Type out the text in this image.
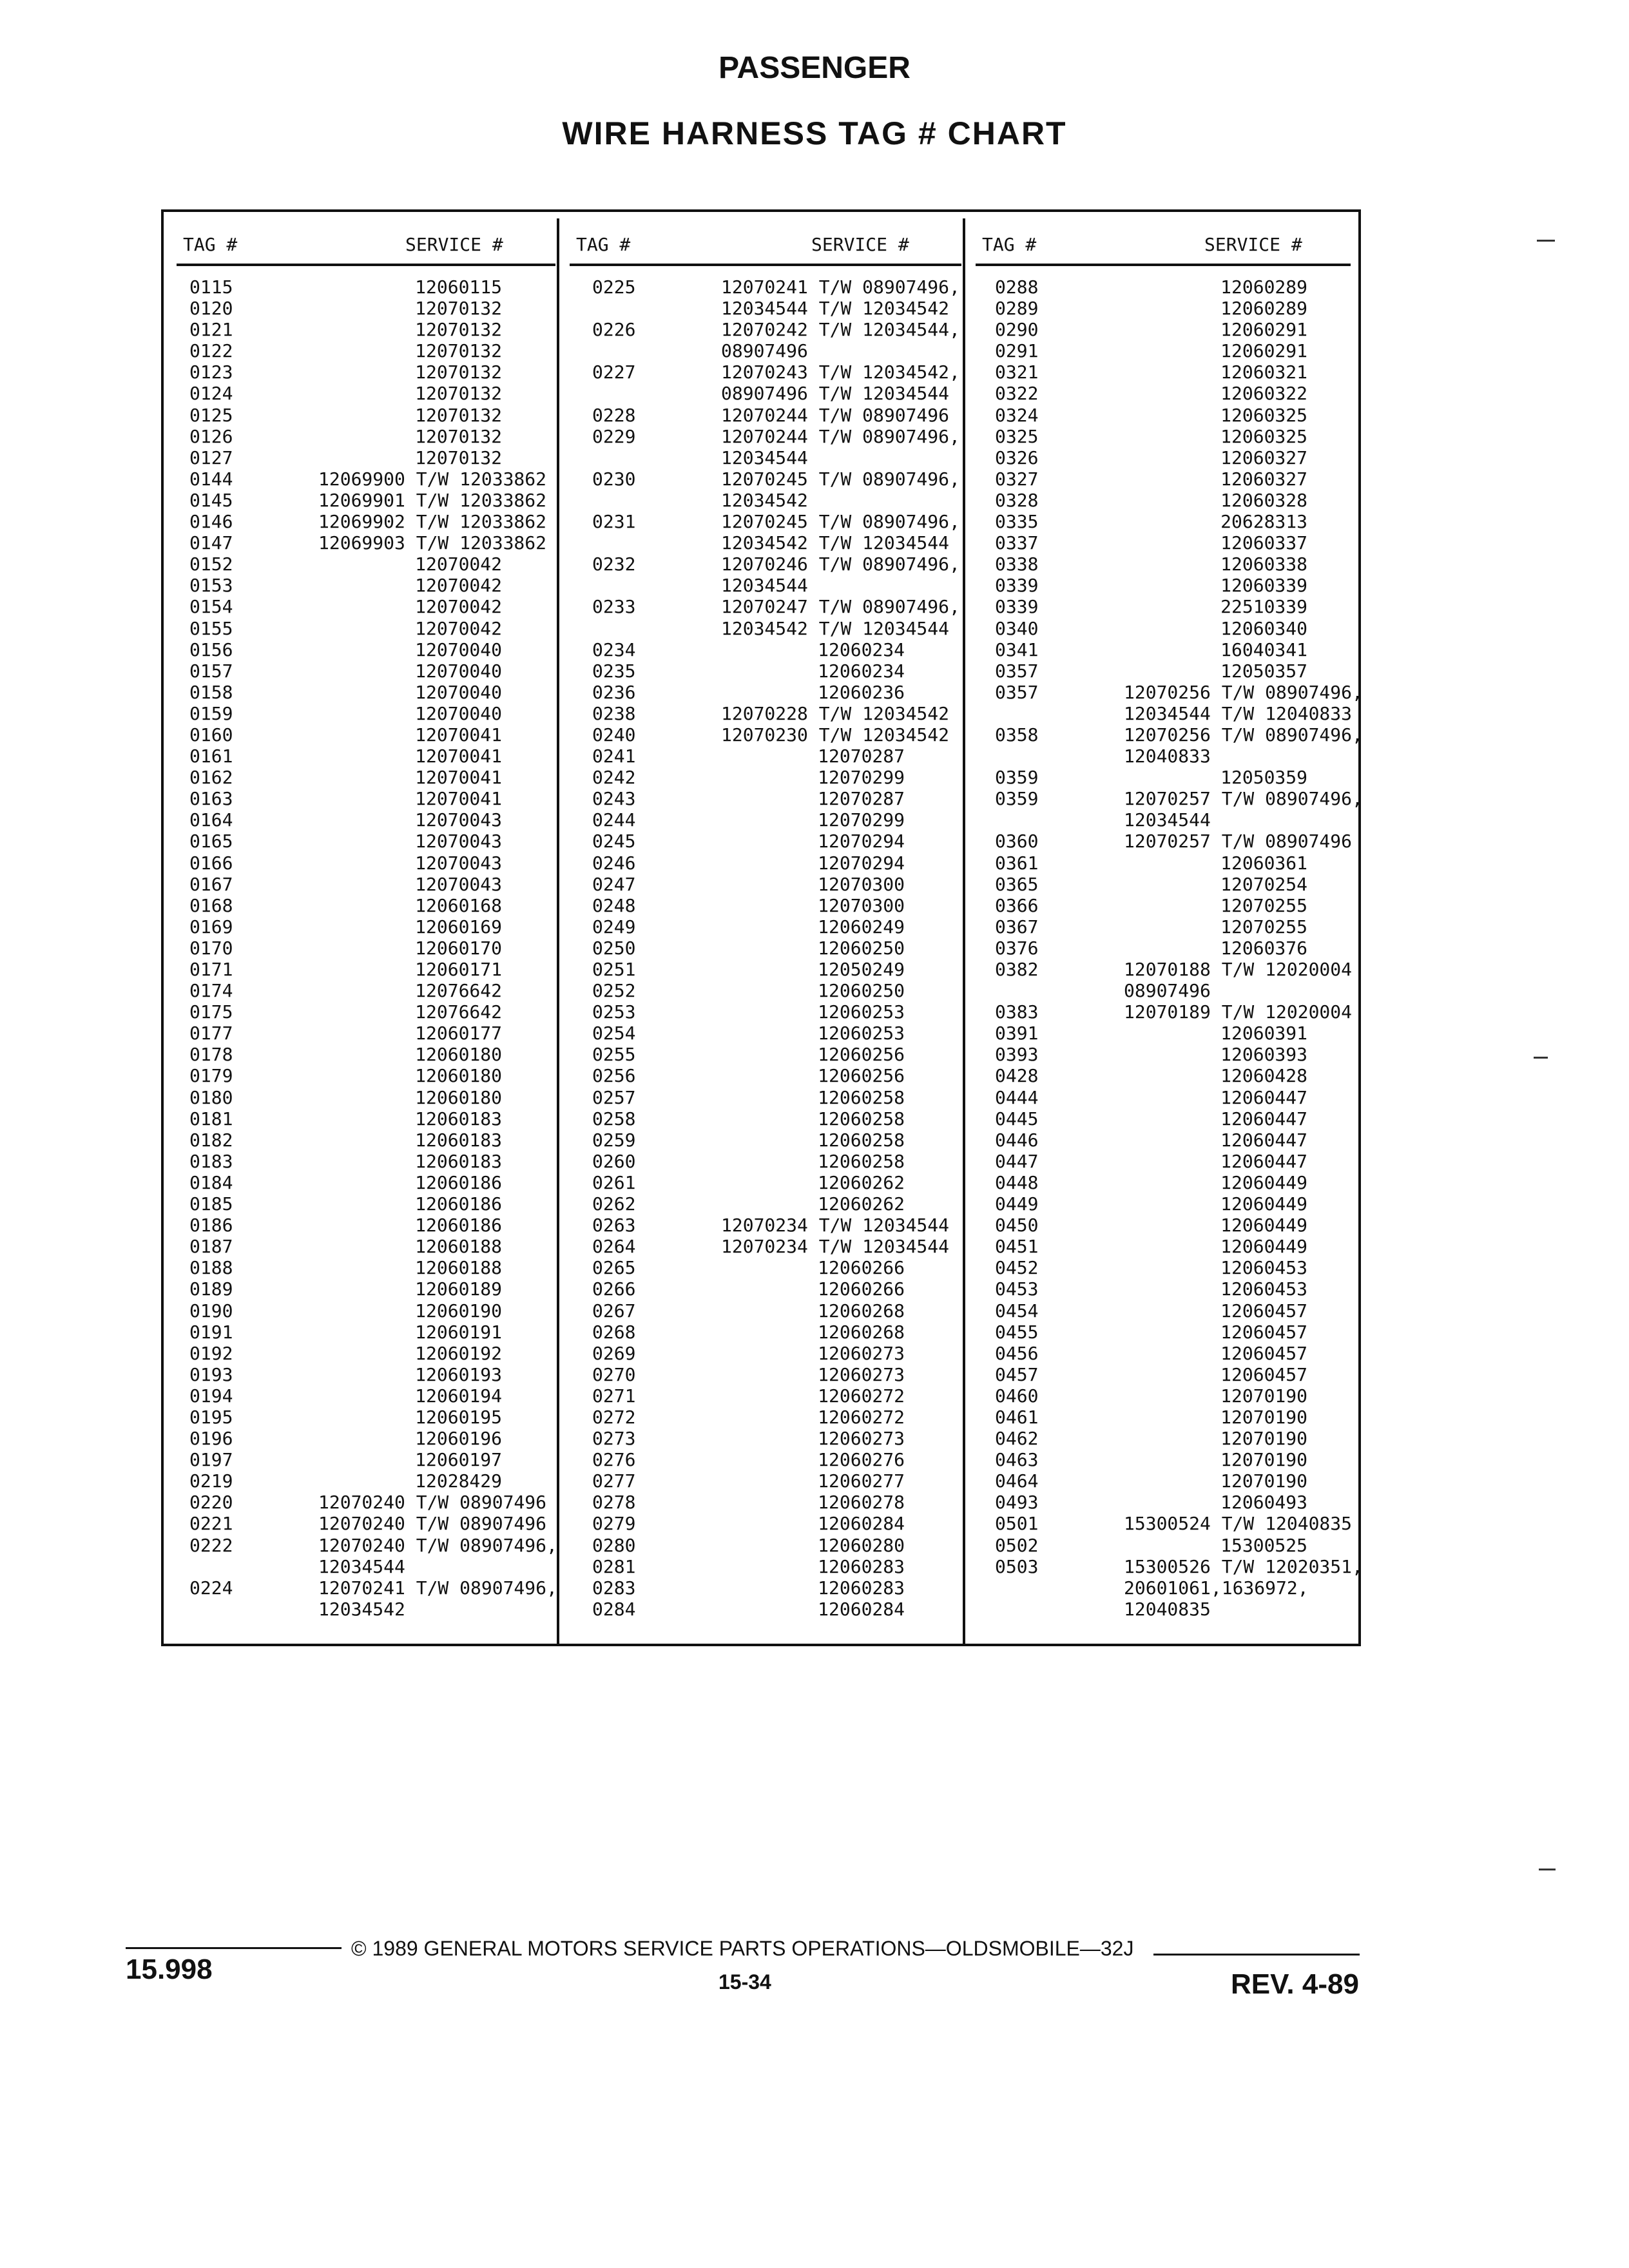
PASSENGER
WIRE HARNESS TAG # CHART
TAG #	SERVICE #	TAG #	SERVICE #	TAG #	SERVICE #
0115	12060115
0120	12070132
0121	12070132
0122	12070132
0123	12070132
0124	12070132
0125	12070132
0126	12070132
0127	12070132
0144	12069900 T/W 12033862
0145	12069901 T/W 12033862
0146	12069902 T/W 12033862
0147	12069903 T/W 12033862
0152	12070042
0153	12070042
0154	12070042
0155	12070042
0156	12070040
0157	12070040
0158	12070040
0159	12070040
0160	12070041
0161	12070041
0162	12070041
0163	12070041
0164	12070043
0165	12070043
0166	12070043
0167	12070043
0168	12060168
0169	12060169
0170	12060170
0171	12060171
0174	12076642
0175	12076642
0177	12060177
0178	12060180
0179	12060180
0180	12060180
0181	12060183
0182	12060183
0183	12060183
0184	12060186
0185	12060186
0186	12060186
0187	12060188
0188	12060188
0189	12060189
0190	12060190
0191	12060191
0192	12060192
0193	12060193
0194	12060194
0195	12060195
0196	12060196
0197	12060197
0219	12028429
0220	12070240 T/W 08907496
0221	12070240 T/W 08907496
0222	12070240 T/W 08907496,
12034544
0224	12070241 T/W 08907496,
12034542
0225	12070241 T/W 08907496,
12034544 T/W 12034542
0226	12070242 T/W 12034544,
08907496
0227	12070243 T/W 12034542,
08907496 T/W 12034544
0228	12070244 T/W 08907496
0229	12070244 T/W 08907496,
12034544
0230	12070245 T/W 08907496,
12034542
0231	12070245 T/W 08907496,
12034542 T/W 12034544
0232	12070246 T/W 08907496,
12034544
0233	12070247 T/W 08907496,
12034542 T/W 12034544
0234	12060234
0235	12060234
0236	12060236
0238	12070228 T/W 12034542
0240	12070230 T/W 12034542
0241	12070287
0242	12070299
0243	12070287
0244	12070299
0245	12070294
0246	12070294
0247	12070300
0248	12070300
0249	12060249
0250	12060250
0251	12050249
0252	12060250
0253	12060253
0254	12060253
0255	12060256
0256	12060256
0257	12060258
0258	12060258
0259	12060258
0260	12060258
0261	12060262
0262	12060262
0263	12070234 T/W 12034544
0264	12070234 T/W 12034544
0265	12060266
0266	12060266
0267	12060268
0268	12060268
0269	12060273
0270	12060273
0271	12060272
0272	12060272
0273	12060273
0276	12060276
0277	12060277
0278	12060278
0279	12060284
0280	12060280
0281	12060283
0283	12060283
0284	12060284
0288	12060289
0289	12060289
0290	12060291
0291	12060291
0321	12060321
0322	12060322
0324	12060325
0325	12060325
0326	12060327
0327	12060327
0328	12060328
0335	20628313
0337	12060337
0338	12060338
0339	12060339
0339	22510339
0340	12060340
0341	16040341
0357	12050357
0357	12070256 T/W 08907496,
12034544 T/W 12040833
0358	12070256 T/W 08907496,
12040833
0359	12050359
0359	12070257 T/W 08907496,
12034544
0360	12070257 T/W 08907496
0361	12060361
0365	12070254
0366	12070255
0367	12070255
0376	12060376
0382	12070188 T/W 12020004
08907496
0383	12070189 T/W 12020004
0391	12060391
0393	12060393
0428	12060428
0444	12060447
0445	12060447
0446	12060447
0447	12060447
0448	12060449
0449	12060449
0450	12060449
0451	12060449
0452	12060453
0453	12060453
0454	12060457
0455	12060457
0456	12060457
0457	12060457
0460	12070190
0461	12070190
0462	12070190
0463	12070190
0464	12070190
0493	12060493
0501	15300524 T/W 12040835
0502	15300525
0503	15300526 T/W 12020351,
20601061,1636972,
12040835
15.998
© 1989 GENERAL MOTORS SERVICE PARTS OPERATIONS—OLDSMOBILE—32J
15-34	REV. 4-89
